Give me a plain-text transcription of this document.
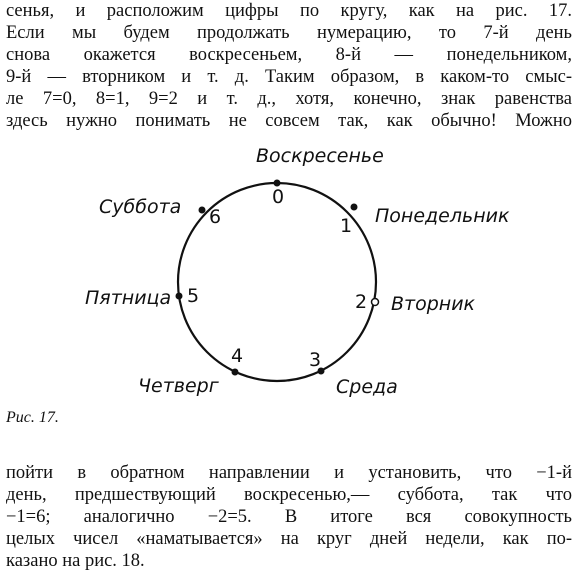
сенья, и расположим цифры по кругу, как на рис. 17.
Если мы будем продолжать нумерацию, то 7-й день
снова окажется воскресеньем, 8-й — понедельником,
9-й — вторником и т. д. Таким образом, в каком-то смыс-
ле 7=0, 8=1, 9=2 и т. д., хотя, конечно, знак равенства
здесь нужно понимать не совсем так, как обычно! Можно
0
Воскресенье
1 Понедельник
2 Вторник
3
Среда
4
Четверг
5
Пятница
6
Суббота
Рис. 17.
пойти в обратном направлении и установить, что −1-й
день, предшествующий воскресенью,— суббота, так что
−1=6; аналогично −2=5. В итоге вся совокупность
целых чисел «наматывается» на круг дней недели, как по-
казано на рис. 18.
